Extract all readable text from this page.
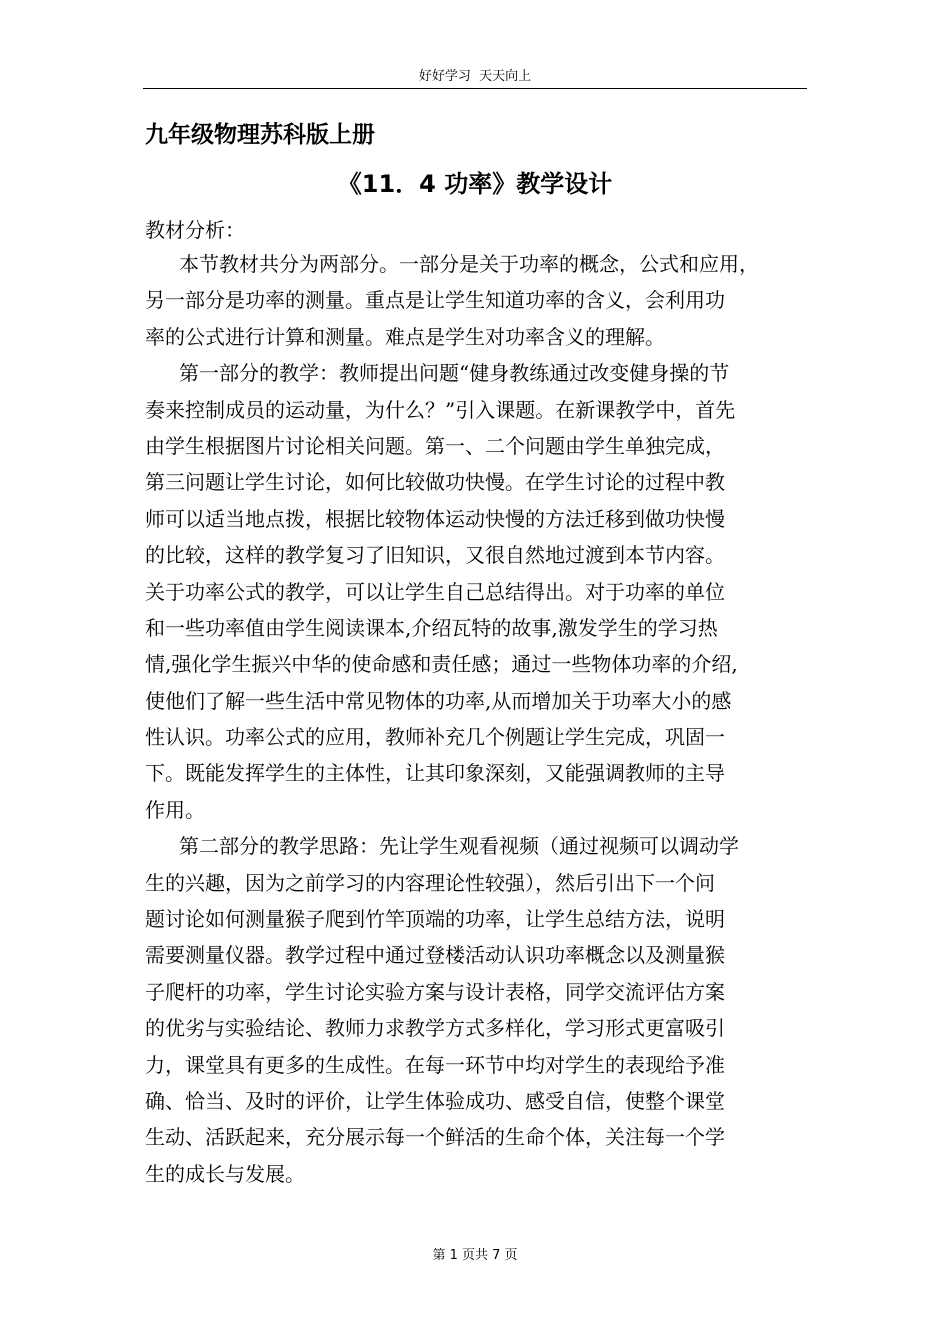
好好学习  天天向上
九年级物理苏科版上册
《11．4 功率》教学设计
教材分析：
本节教材共分为两部分。一部分是关于功率的概念，公式和应用，
另一部分是功率的测量。重点是让学生知道功率的含义，会利用功
率的公式进行计算和测量。难点是学生对功率含义的理解。
第一部分的教学：教师提出问题“健身教练通过改变健身操的节
奏来控制成员的运动量，为什么？”引入课题。在新课教学中，首先
由学生根据图片讨论相关问题。第一、二个问题由学生单独完成，
第三问题让学生讨论，如何比较做功快慢。在学生讨论的过程中教
师可以适当地点拨，根据比较物体运动快慢的方法迁移到做功快慢
的比较，这样的教学复习了旧知识，又很自然地过渡到本节内容。
关于功率公式的教学，可以让学生自己总结得出。对于功率的单位
和一些功率值由学生阅读课本,介绍瓦特的故事,激发学生的学习热
情,强化学生振兴中华的使命感和责任感；通过一些物体功率的介绍,
使他们了解一些生活中常见物体的功率,从而增加关于功率大小的感
性认识。功率公式的应用，教师补充几个例题让学生完成，巩固一
下。既能发挥学生的主体性，让其印象深刻，又能强调教师的主导
作用。
第二部分的教学思路：先让学生观看视频（通过视频可以调动学
生的兴趣，因为之前学习的内容理论性较强），然后引出下一个问
题讨论如何测量猴子爬到竹竿顶端的功率，让学生总结方法，说明
需要测量仪器。教学过程中通过登楼活动认识功率概念以及测量猴
子爬杆的功率，学生讨论实验方案与设计表格，同学交流评估方案
的优劣与实验结论、教师力求教学方式多样化，学习形式更富吸引
力，课堂具有更多的生成性。在每一环节中均对学生的表现给予准
确、恰当、及时的评价，让学生体验成功、感受自信，使整个课堂
生动、活跃起来，充分展示每一个鲜活的生命个体，关注每一个学
生的成长与发展。
第 1 页共 7 页
